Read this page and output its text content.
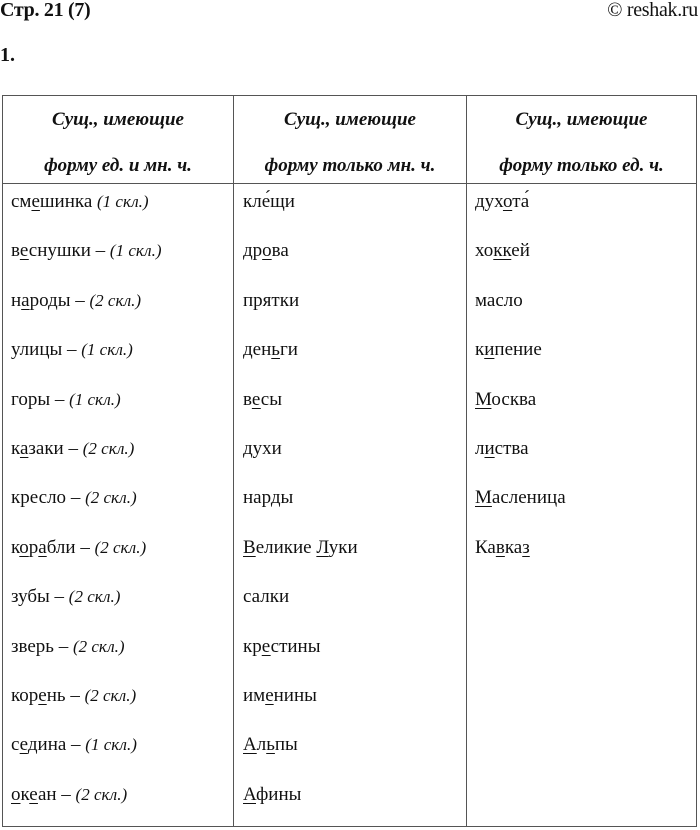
Стр. 21 (7)	© reshak.ru
1.
Сущ., имеющие
форму ед. и мн. ч.
Сущ., имеющие
форму только мн. ч.
Сущ., имеющие
форму только ед. ч.
смешинка (1 скл.)
веснушки – (1 скл.)
народы – (2 скл.)
улицы – (1 скл.)
горы – (1 скл.)
казаки – (2 скл.)
кресло – (2 скл.)
корабли – (2 скл.)
зубы – (2 скл.)
зверь – (2 скл.)
корень – (2 скл.)
седина – (1 скл.)
океан – (2 скл.)
кле́щи
дрова
прятки
деньги
весы
духи
нарды
Великие Луки
салки
крестины
именины
Альпы
Афины
духота́
хоккей
масло
кипение
Москва
листва
Масленица
Кавказ
